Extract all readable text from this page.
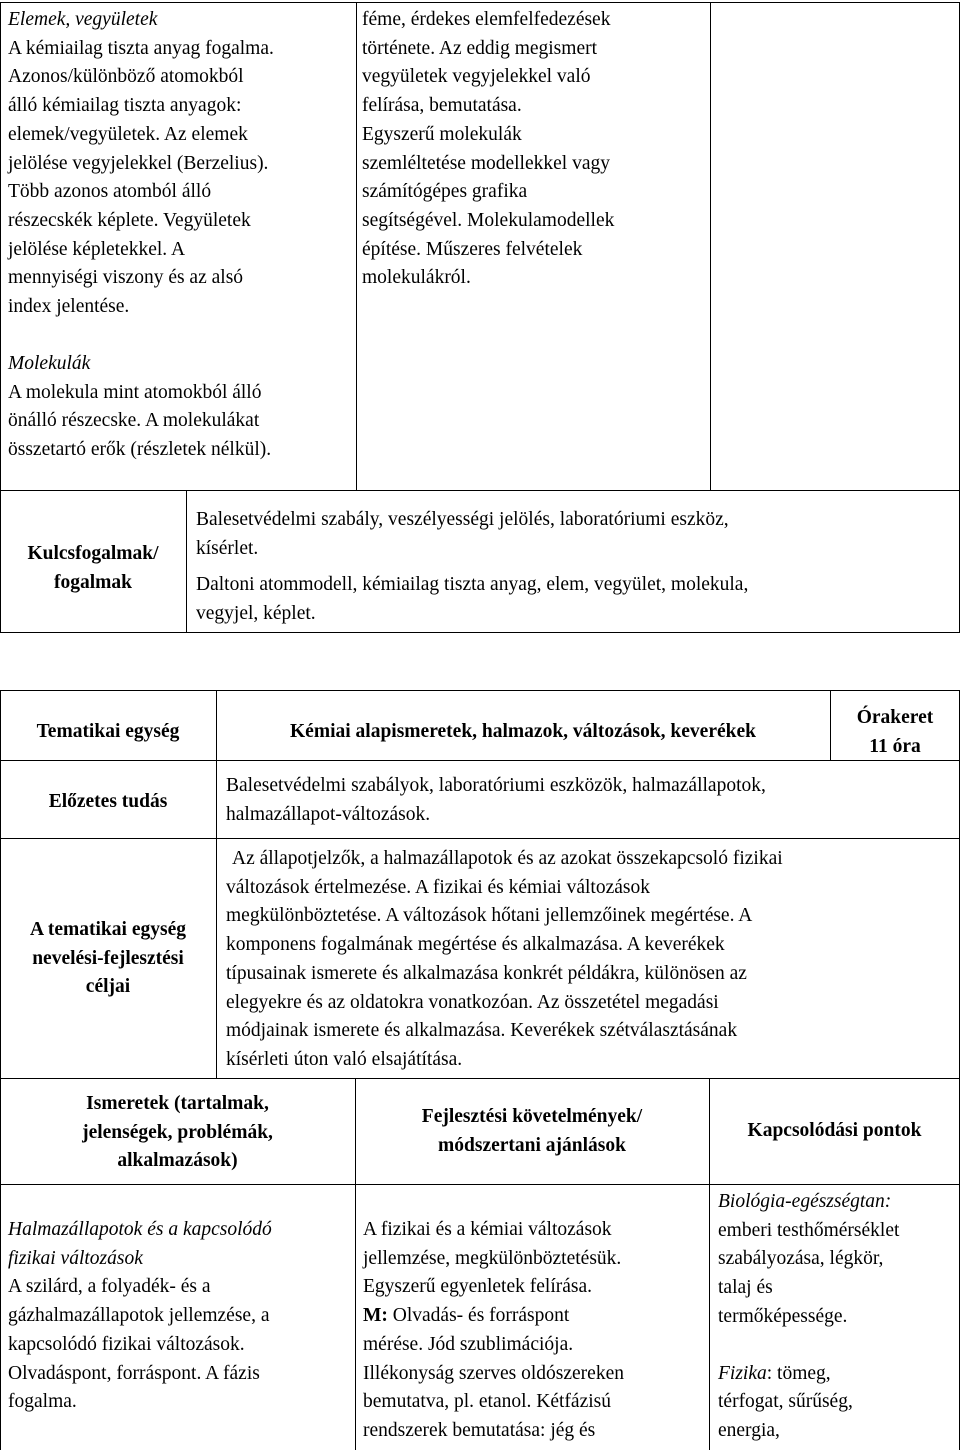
Elemek, vegyületek
A kémiailag tiszta anyag fogalma.
Azonos/különböző atomokból
álló kémiailag tiszta anyagok:
elemek/vegyületek. Az elemek
jelölése vegyjelekkel (Berzelius).
Több azonos atomból álló
részecskék képlete. Vegyületek
jelölése képletekkel. A
mennyiségi viszony és az alsó
index jelentése.
Molekulák
A molekula mint atomokból álló
önálló részecske. A molekulákat
összetartó erők (részletek nélkül).
féme, érdekes elemfelfedezések
története. Az eddig megismert
vegyületek vegyjelekkel való
felírása, bemutatása.
Egyszerű molekulák
szemléltetése modellekkel vagy
számítógépes grafika
segítségével. Molekulamodellek
építése. Műszeres felvételek
molekulákról.
Kulcsfogalmak/
fogalmak
Balesetvédelmi szabály, veszélyességi jelölés, laboratóriumi eszköz,
kísérlet.
Daltoni atommodell, kémiailag tiszta anyag, elem, vegyület, molekula,
vegyjel, képlet.
Tematikai egység	Kémiai alapismeretek, halmazok, változások, keverékek
Órakeret
11 óra
Előzetes tudás
Balesetvédelmi szabályok, laboratóriumi eszközök, halmazállapotok,
halmazállapot-változások.
A tematikai egység
nevelési-fejlesztési
céljai
Az állapotjelzők, a halmazállapotok és az azokat összekapcsoló fizikai
változások értelmezése. A fizikai és kémiai változások
megkülönböztetése. A változások hőtani jellemzőinek megértése. A
komponens fogalmának megértése és alkalmazása. A keverékek
típusainak ismerete és alkalmazása konkrét példákra, különösen az
elegyekre és az oldatokra vonatkozóan. Az összetétel megadási
módjainak ismerete és alkalmazása. Keverékek szétválasztásának
kísérleti úton való elsajátítása.
Ismeretek (tartalmak,
jelenségek, problémák,
alkalmazások)
Fejlesztési követelmények/
módszertani ajánlások
Kapcsolódási pontok
Halmazállapotok és a kapcsolódó
fizikai változások
A szilárd, a folyadék- és a
gázhalmazállapotok jellemzése, a
kapcsolódó fizikai változások.
Olvadáspont, forráspont. A fázis
fogalma.
A fizikai és a kémiai változások
jellemzése, megkülönböztetésük.
Egyszerű egyenletek felírása.
M: Olvadás- és forráspont
mérése. Jód szublimációja.
Illékonyság szerves oldószereken
bemutatva, pl. etanol. Kétfázisú
rendszerek bemutatása: jég és
Biológia-egészségtan:
emberi testhőmérséklet
szabályozása, légkör,
talaj és
termőképessége.
Fizika: tömeg,
térfogat, sűrűség,
energia,
